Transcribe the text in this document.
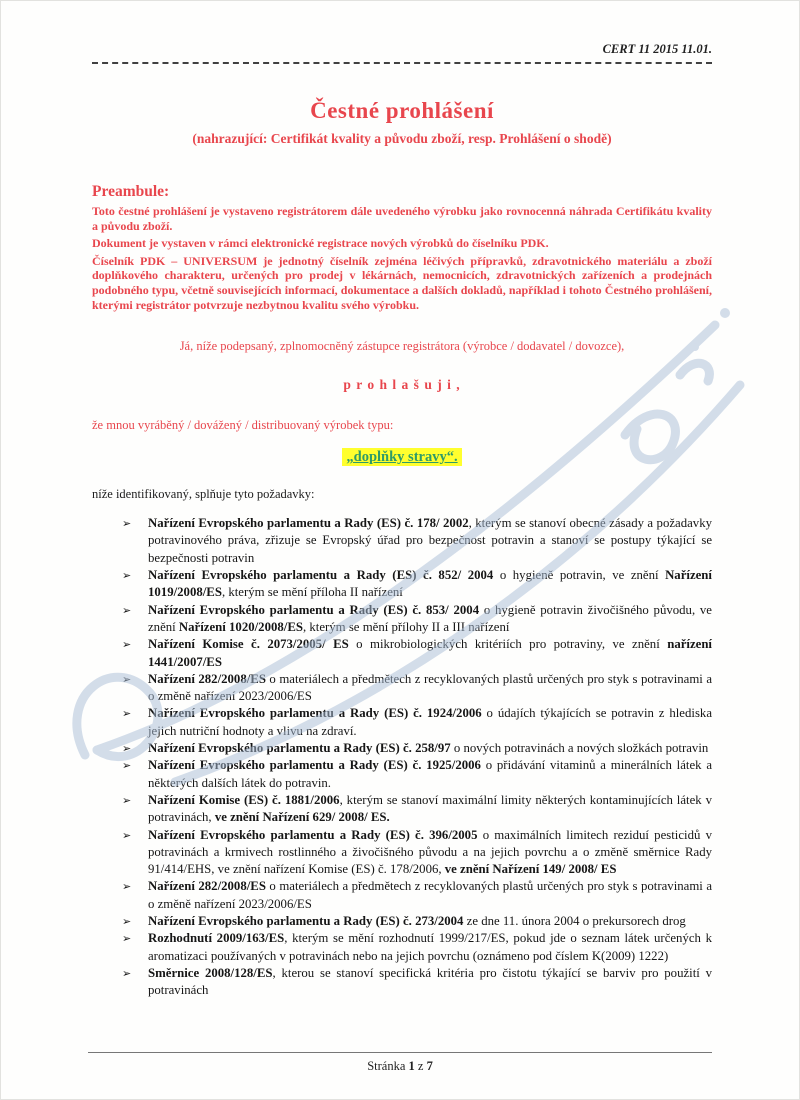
CERT 11 2015 11.01.
Čestné prohlášení
(nahrazující: Certifikát kvality a původu zboží, resp. Prohlášení o shodě)
Preambule:

Toto čestné prohlášení je vystaveno registrátorem dále uvedeného výrobku jako rovnocenná náhrada Certifikátu kvality a původu zboží.

Dokument je vystaven v rámci elektronické registrace nových výrobků do číselníku PDK.

Číselník PDK – UNIVERSUM je jednotný číselník zejména léčivých přípravků, zdravotnického materiálu a zboží doplňkového charakteru, určených pro prodej v lékárnách, nemocnicích, zdravotnických zařízeních a prodejnách podobného typu, včetně souvisejících informací, dokumentace a dalších dokladů, například i tohoto Čestného prohlášení, kterými registrátor potvrzuje nezbytnou kvalitu svého výrobku.

Já, níže podepsaný, zplnomocněný zástupce registrátora (výrobce / dodavatel / dovozce),
p r o h l a š u j i ,
že mnou vyráběný / dovážený / distribuovaný výrobek typu:
„doplňky stravy“.
níže identifikovaný, splňuje tyto požadavky:
➢ Nařízení Evropského parlamentu a Rady (ES) č. 178/ 2002, kterým se stanoví obecné zásady a požadavky potravinového práva, zřizuje se Evropský úřad pro bezpečnost potravin a stanoví se postupy týkající se bezpečnosti potravin
➢ Nařízení Evropského parlamentu a Rady (ES) č. 852/ 2004 o hygieně potravin, ve znění Nařízení 1019/2008/ES, kterým se mění příloha II nařízení
➢ Nařízení Evropského parlamentu a Rady (ES) č. 853/ 2004 o hygieně potravin živočišného původu, ve znění Nařízení 1020/2008/ES, kterým se mění přílohy II a III nařízení
➢ Nařízení Komise č. 2073/2005/ ES o mikrobiologických kritériích pro potraviny, ve znění nařízení 1441/2007/ES
➢ Nařízení 282/2008/ES o materiálech a předmětech z recyklovaných plastů určených pro styk s potravinami a o změně nařízení 2023/2006/ES
➢ Nařízení Evropského parlamentu a Rady (ES) č. 1924/2006 o údajích týkajících se potravin z hlediska jejich nutriční hodnoty a vlivu na zdraví.
➢ Nařízení Evropského parlamentu a Rady (ES) č. 258/97 o nových potravinách a nových složkách potravin
➢ Nařízení Evropského parlamentu a Rady (ES) č. 1925/2006 o přidávání vitaminů a minerálních látek a některých dalších látek do potravin.
➢ Nařízení Komise (ES) č. 1881/2006, kterým se stanoví maximální limity některých kontaminujících látek v potravinách, ve znění Nařízení 629/ 2008/ ES.
➢ Nařízení Evropského parlamentu a Rady (ES) č. 396/2005 o maximálních limitech reziduí pesticidů v potravinách a krmivech rostlinného a živočišného původu a na jejich povrchu a o změně směrnice Rady 91/414/EHS, ve znění nařízení Komise (ES) č. 178/2006, ve znění Nařízení 149/ 2008/ ES
➢ Nařízení 282/2008/ES o materiálech a předmětech z recyklovaných plastů určených pro styk s potravinami a o změně nařízení 2023/2006/ES
➢ Nařízení Evropského parlamentu a Rady (ES) č. 273/2004 ze dne 11. února 2004 o prekursorech drog
➢ Rozhodnutí 2009/163/ES, kterým se mění rozhodnutí 1999/217/ES, pokud jde o seznam látek určených k aromatizaci používaných v potravinách nebo na jejich povrchu (oznámeno pod číslem K(2009) 1222)
➢ Směrnice 2008/128/ES, kterou se stanoví specifická kritéria pro čistotu týkající se barviv pro použití v potravinách
Stránka 1 z 7
